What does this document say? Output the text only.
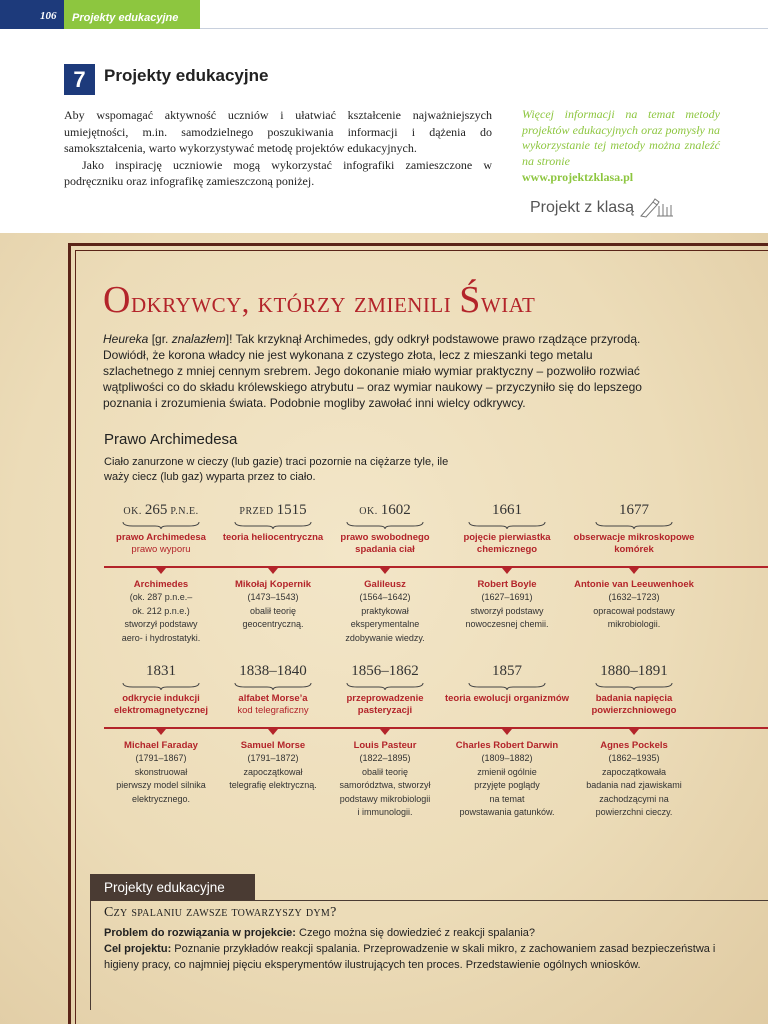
106	Projekty edukacyjne
7	Projekty edukacyjne

Aby wspomagać aktywność uczniów i ułatwiać kształcenie najważniejszych umiejętności, m.in. samodzielnego poszukiwania informacji i dążenia do samokształcenia, warto wykorzystywać metodę projektów edukacyjnych.

Jako inspirację uczniowie mogą wykorzystać infografiki zamieszczone w podręczniku oraz infografikę zamieszczoną poniżej.

Więcej informacji na temat metody projektów edukacyjnych oraz pomysły na wykorzystanie tej metody można znaleźć na stronie
www.projektzklasa.pl
Projekt z klasą
Odkrywcy, którzy zmienili Świat
Heureka [gr. znalazłem]! Tak krzyknął Archimedes, gdy odkrył podstawowe prawo rządzące przyrodą. Dowiódł, że korona władcy nie jest wykonana z czystego złota, lecz z mieszanki tego metalu szlachetnego z mniej cennym srebrem. Jego dokonanie miało wymiar praktyczny – pozwoliło rozwiać wątpliwości co do składu królewskiego atrybutu – oraz wymiar naukowy – przyczyniło się do lepszego poznania i zrozumienia świata. Podobnie mogliby zawołać inni wielcy odkrywcy.
Prawo Archimedesa
Ciało zanurzone w cieczy (lub gazie) traci pozornie na ciężarze tyle, ile waży ciecz (lub gaz) wyparta przez to ciało.
OK. 265 P.N.E.
prawo Archimedesa
prawo wyporu
Archimedes
(ok. 287 p.n.e.–
ok. 212 p.n.e.)
stworzył podstawy
aero- i hydrostatyki.
PRZED 1515
teoria heliocentryczna
Mikołaj Kopernik
(1473–1543)
obalił teorię
geocentryczną.
OK. 1602
prawo swobodnego spadania ciał
Galileusz
(1564–1642)
praktykował
eksperymentalne
zdobywanie wiedzy.
1661
pojęcie pierwiastka chemicznego
Robert Boyle
(1627–1691)
stworzył podstawy
nowoczesnej chemii.
1677
obserwacje mikroskopowe komórek
Antonie van Leeuwenhoek
(1632–1723)
opracował podstawy
mikrobiologii.
1831
odkrycie indukcji elektromagnetycznej
Michael Faraday
(1791–1867)
skonstruował
pierwszy model silnika
elektrycznego.
1838–1840
alfabet Morse’a
kod telegraficzny
Samuel Morse
(1791–1872)
zapoczątkował
telegrafię elektryczną.
1856–1862
przeprowadzenie pasteryzacji
Louis Pasteur
(1822–1895)
obalił teorię
samorództwa, stworzył
podstawy mikrobiologii
i immunologii.
1857
teoria ewolucji organizmów
Charles Robert Darwin
(1809–1882)
zmienił ogólnie
przyjęte poglądy
na temat
powstawania gatunków.
1880–1891
badania napięcia powierzchniowego
Agnes Pockels
(1862–1935)
zapoczątkowała
badania nad zjawiskami
zachodzącymi na
powierzchni cieczy.
Projekty edukacyjne
Czy spalaniu zawsze towarzyszy dym?
Problem do rozwiązania w projekcie: Czego można się dowiedzieć z reakcji spalania?
Cel projektu: Poznanie przykładów reakcji spalania. Przeprowadzenie w skali mikro, z zachowaniem zasad bezpieczeństwa i higieny pracy, co najmniej pięciu eksperymentów ilustrujących ten proces. Przedstawienie ogólnych wniosków.
